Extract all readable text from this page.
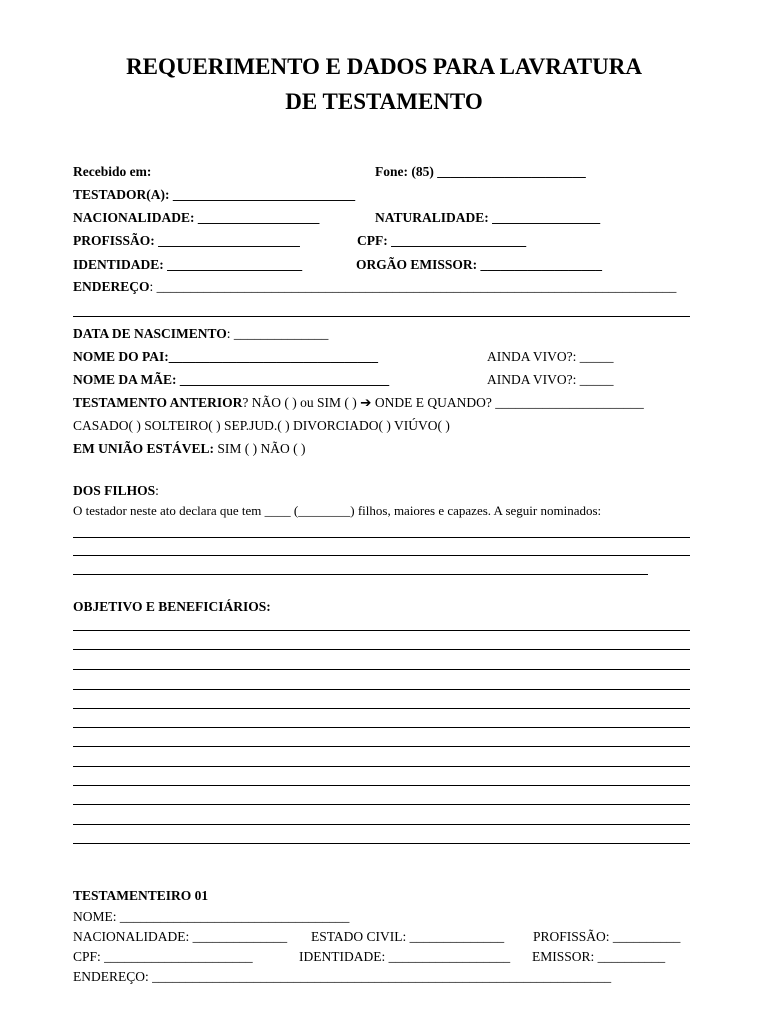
REQUERIMENTO E DADOS PARA LAVRATURA
DE TESTAMENTO
Recebido em:	Fone: (85) ______________________
TESTADOR(A): ___________________________
NACIONALIDADE: __________________	NATURALIDADE: ________________
PROFISSÃO: _____________________	CPF: ____________________
IDENTIDADE: ____________________	ORGÃO EMISSOR: __________________
ENDEREÇO: _____________________________________________________________________________
DATA DE NASCIMENTO: ______________
NOME DO PAI:_______________________________	AINDA VIVO?: _____
NOME DA MÃE: _______________________________	AINDA VIVO?: _____
TESTAMENTO ANTERIOR? NÃO ( ) ou SIM ( ) ➔ ONDE E QUANDO? ______________________
CASADO( ) SOLTEIRO( ) SEP.JUD.( ) DIVORCIADO( ) VIÚVO( )
EM UNIÃO ESTÁVEL: SIM ( ) NÃO ( )
DOS FILHOS:
O testador neste ato declara que tem ____ (________) filhos, maiores e capazes. A seguir nominados:
OBJETIVO E BENEFICIÁRIOS:
TESTAMENTEIRO 01
NOME: __________________________________
NACIONALIDADE: ______________ ESTADO CIVIL: ______________ PROFISSÃO: __________
CPF: ______________________	IDENTIDADE: __________________ EMISSOR: __________
ENDEREÇO: ____________________________________________________________________
